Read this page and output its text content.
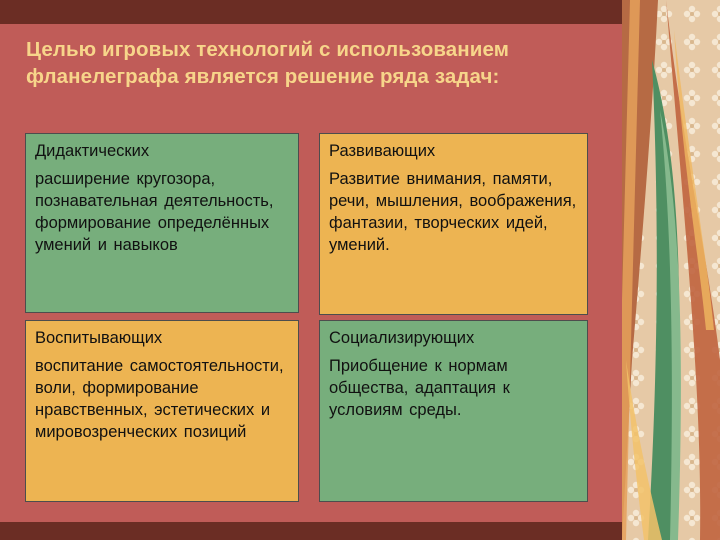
Целью игровых технологий с использованием
фланелеграфа является решение ряда задач:
Дидактических
расширение кругозора, познавательная деятельность, формирование определённых умений и навыков
Развивающих
Развитие внимания, памяти, речи, мышления, воображения, фантазии, творческих идей, умений.
Воспитывающих
воспитание самостоятельности, воли, формирование нравственных, эстетических и мировозренческих позиций
Социализирующих
Приобщение к нормам общества, адаптация к условиям среды.
